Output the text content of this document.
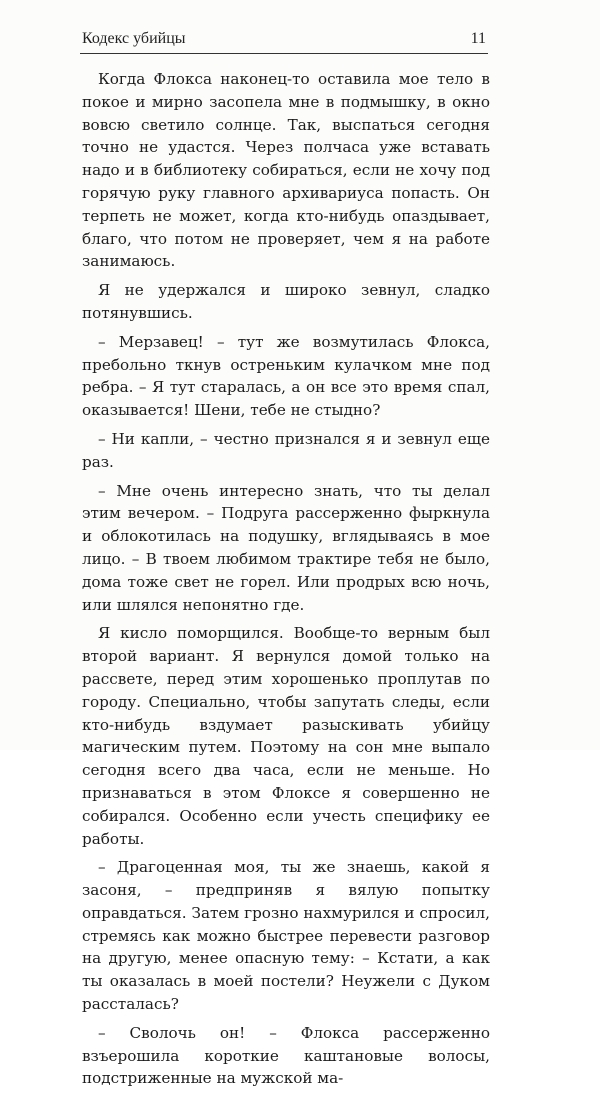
Кодекс убийцы	11

Когда Флокса наконец-то оставила мое тело в покое и мирно засопела мне в подмышку, в окно вовсю светило солнце. Так, выспаться сегодня точно не удастся. Через полчаса уже вставать надо и в библиотеку собираться, если не хочу под горячую руку главного архивариуса попасть. Он терпеть не может, когда кто-нибудь опаздывает, благо, что потом не проверяет, чем я на работе занимаюсь.

Я не удержался и широко зевнул, сладко потянувшись.

– Мерзавец! – тут же возмутилась Флокса, пребольно ткнув остреньким кулачком мне под ребра. – Я тут старалась, а он все это время спал, оказывается! Шени, тебе не стыдно?

– Ни капли, – честно признался я и зевнул еще раз.

– Мне очень интересно знать, что ты делал этим вечером. – Подруга рассерженно фыркнула и облокотилась на подушку, вглядываясь в мое лицо. – В твоем любимом трактире тебя не было, дома тоже свет не горел. Или продрых всю ночь, или шлялся непонятно где.

Я кисло поморщился. Вообще-то верным был второй вариант. Я вернулся домой только на рассвете, перед этим хорошенько проплутав по городу. Специально, чтобы запутать следы, если кто-нибудь вздумает разыскивать убийцу магическим путем. Поэтому на сон мне выпало сегодня всего два часа, если не меньше. Но признаваться в этом Флоксе я совершенно не собирался. Особенно если учесть специфику ее работы.

– Драгоценная моя, ты же знаешь, какой я засоня, – предприняв я вялую попытку оправдаться. Затем грозно нахмурился и спросил, стремясь как можно быстрее перевести разговор на другую, менее опасную тему: – Кстати, а как ты оказалась в моей постели? Неужели с Дуком рассталась?

– Сволочь он! – Флокса рассерженно взъерошила короткие каштановые волосы, подстриженные на мужской ма-
